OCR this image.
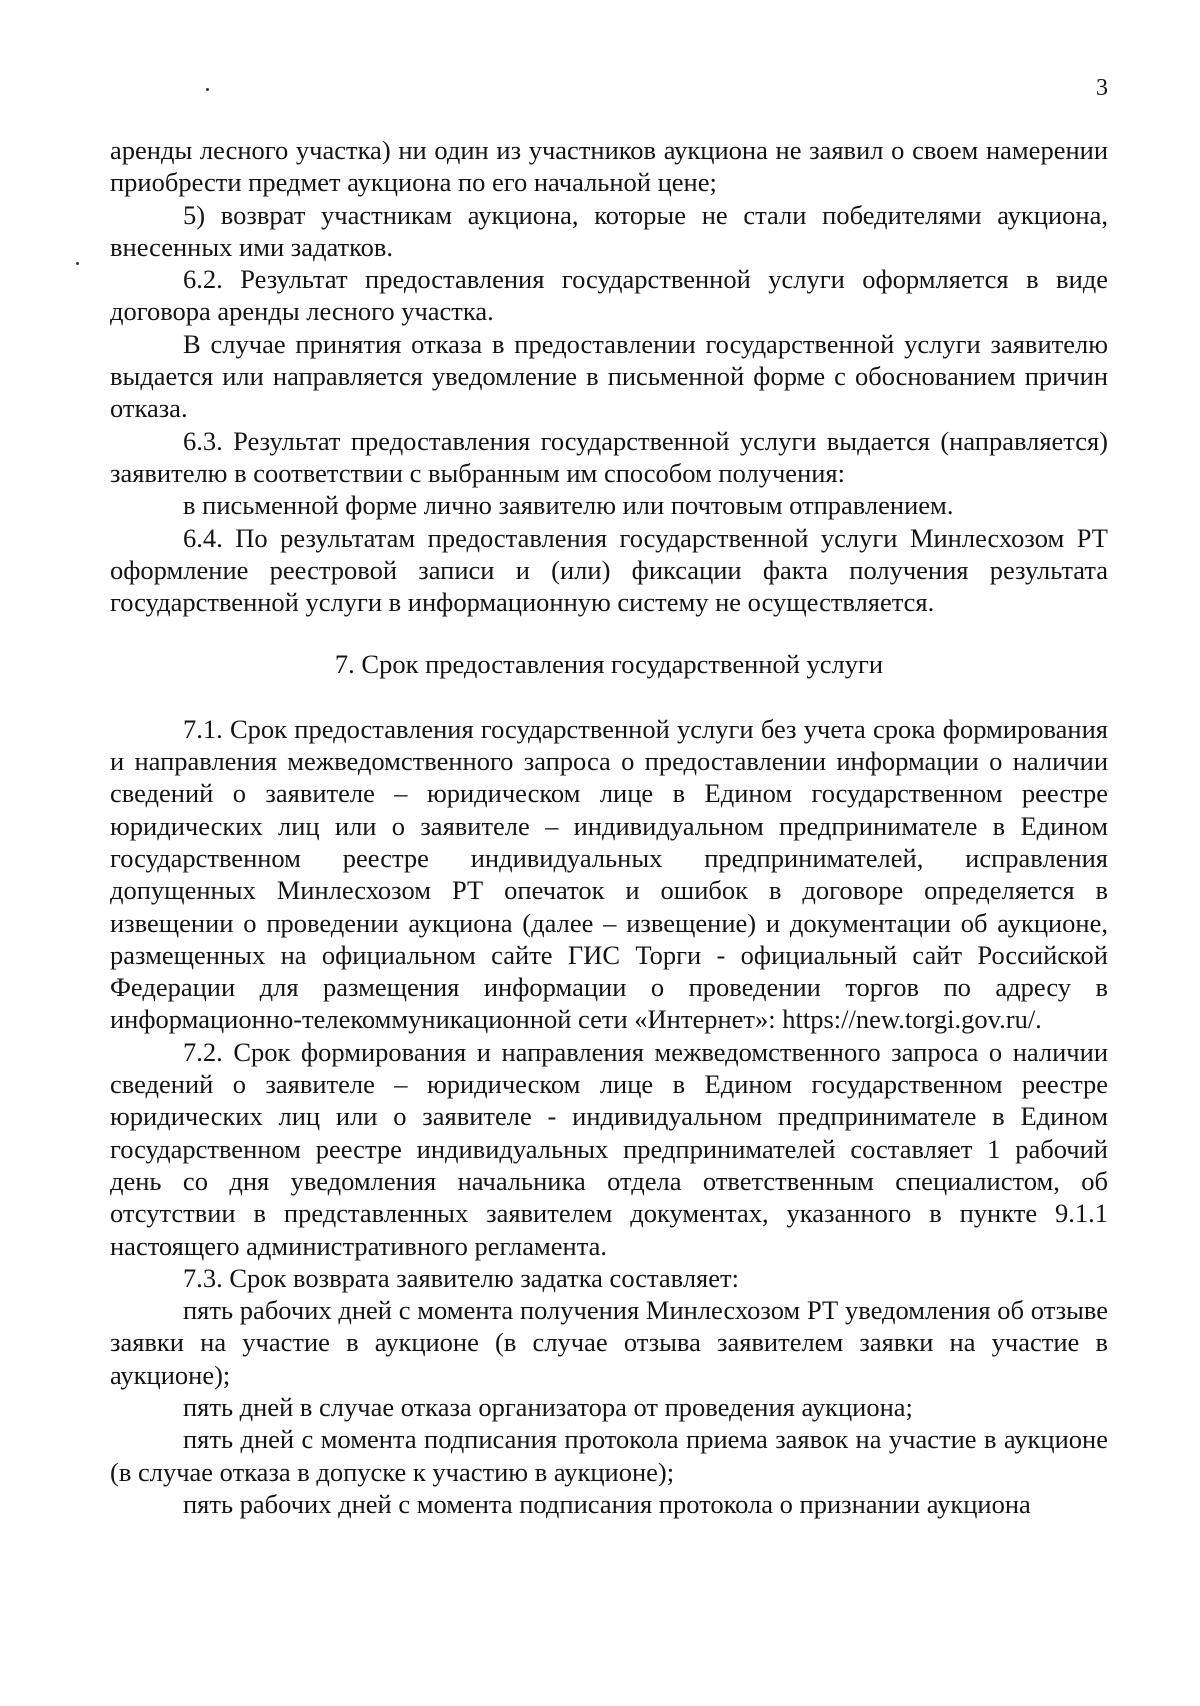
3

аренды лесного участка) ни один из участников аукциона не заявил о своем намерении приобрести предмет аукциона по его начальной цене;

5) возврат участникам аукциона, которые не стали победителями аукциона, внесенных ими задатков.

6.2. Результат предоставления государственной услуги оформляется в виде договора аренды лесного участка.

В случае принятия отказа в предоставлении государственной услуги заявителю выдается или направляется уведомление в письменной форме с обоснованием причин отказа.

6.3. Результат предоставления государственной услуги выдается (направляется) заявителю в соответствии с выбранным им способом получения:

в письменной форме лично заявителю или почтовым отправлением.

6.4. По результатам предоставления государственной услуги Минлесхозом РТ оформление реестровой записи и (или) фиксации факта получения результата государственной услуги в информационную систему не осуществляется.

7. Срок предоставления государственной услуги

7.1. Срок предоставления государственной услуги без учета срока формирования и направления межведомственного запроса о предоставлении информации о наличии сведений о заявителе – юридическом лице в Едином государственном реестре юридических лиц или о заявителе – индивидуальном предпринимателе в Едином государственном реестре индивидуальных предпринимателей, исправления допущенных Минлесхозом РТ опечаток и ошибок в договоре определяется в извещении о проведении аукциона (далее – извещение) и документации об аукционе, размещенных на официальном сайте ГИС Торги - официальный сайт Российской Федерации для размещения информации о проведении торгов по адресу в информационно-телекоммуникационной сети «Интернет»: https://new.torgi.gov.ru/.

7.2. Срок формирования и направления межведомственного запроса о наличии сведений о заявителе – юридическом лице в Едином государственном реестре юридических лиц или о заявителе - индивидуальном предпринимателе в Едином государственном реестре индивидуальных предпринимателей составляет 1 рабочий день со дня уведомления начальника отдела ответственным специалистом, об отсутствии в представленных заявителем документах, указанного в пункте 9.1.1 настоящего административного регламента.

7.3. Срок возврата заявителю задатка составляет:

пять рабочих дней с момента получения Минлесхозом РТ уведомления об отзыве заявки на участие в аукционе (в случае отзыва заявителем заявки на участие в аукционе);

пять дней в случае отказа организатора от проведения аукциона;

пять дней с момента подписания протокола приема заявок на участие в аукционе (в случае отказа в допуске к участию в аукционе);

пять рабочих дней с момента подписания протокола о признании аукциона
